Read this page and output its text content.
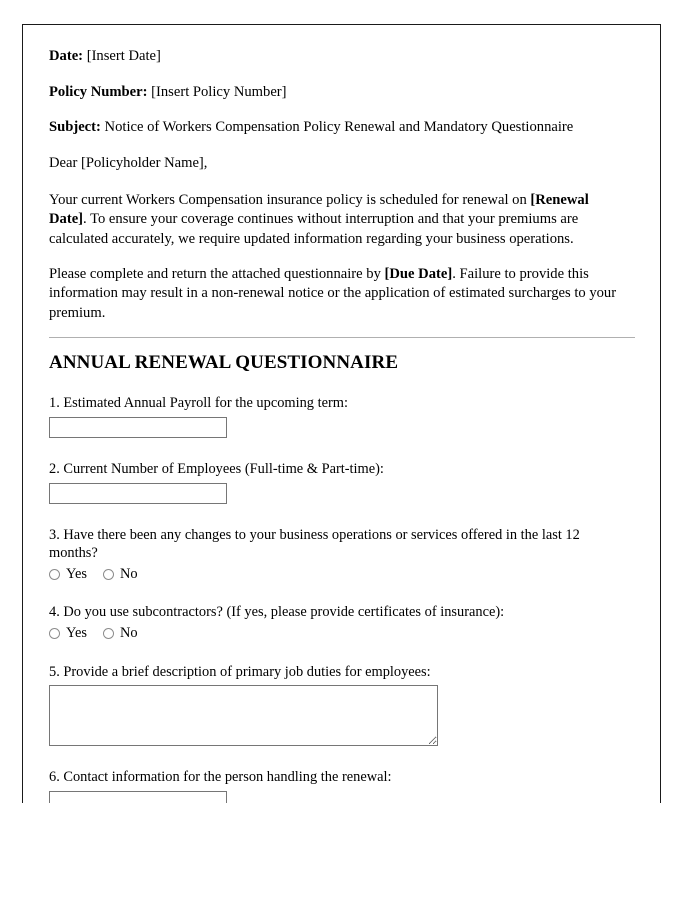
Date: [Insert Date]

Policy Number: [Insert Policy Number]

Subject: Notice of Workers Compensation Policy Renewal and Mandatory Questionnaire

Dear [Policyholder Name],

Your current Workers Compensation insurance policy is scheduled for renewal on [Renewal Date]. To ensure your coverage continues without interruption and that your premiums are calculated accurately, we require updated information regarding your business operations.

Please complete and return the attached questionnaire by [Due Date]. Failure to provide this information may result in a non-renewal notice or the application of estimated surcharges to your premium.

ANNUAL RENEWAL QUESTIONNAIRE

1. Estimated Annual Payroll for the upcoming term:

2. Current Number of Employees (Full-time & Part-time):

3. Have there been any changes to your business operations or services offered in the last 12 months?

Yes No

4. Do you use subcontractors? (If yes, please provide certificates of insurance):

Yes No

5. Provide a brief description of primary job duties for employees:

6. Contact information for the person handling the renewal:
